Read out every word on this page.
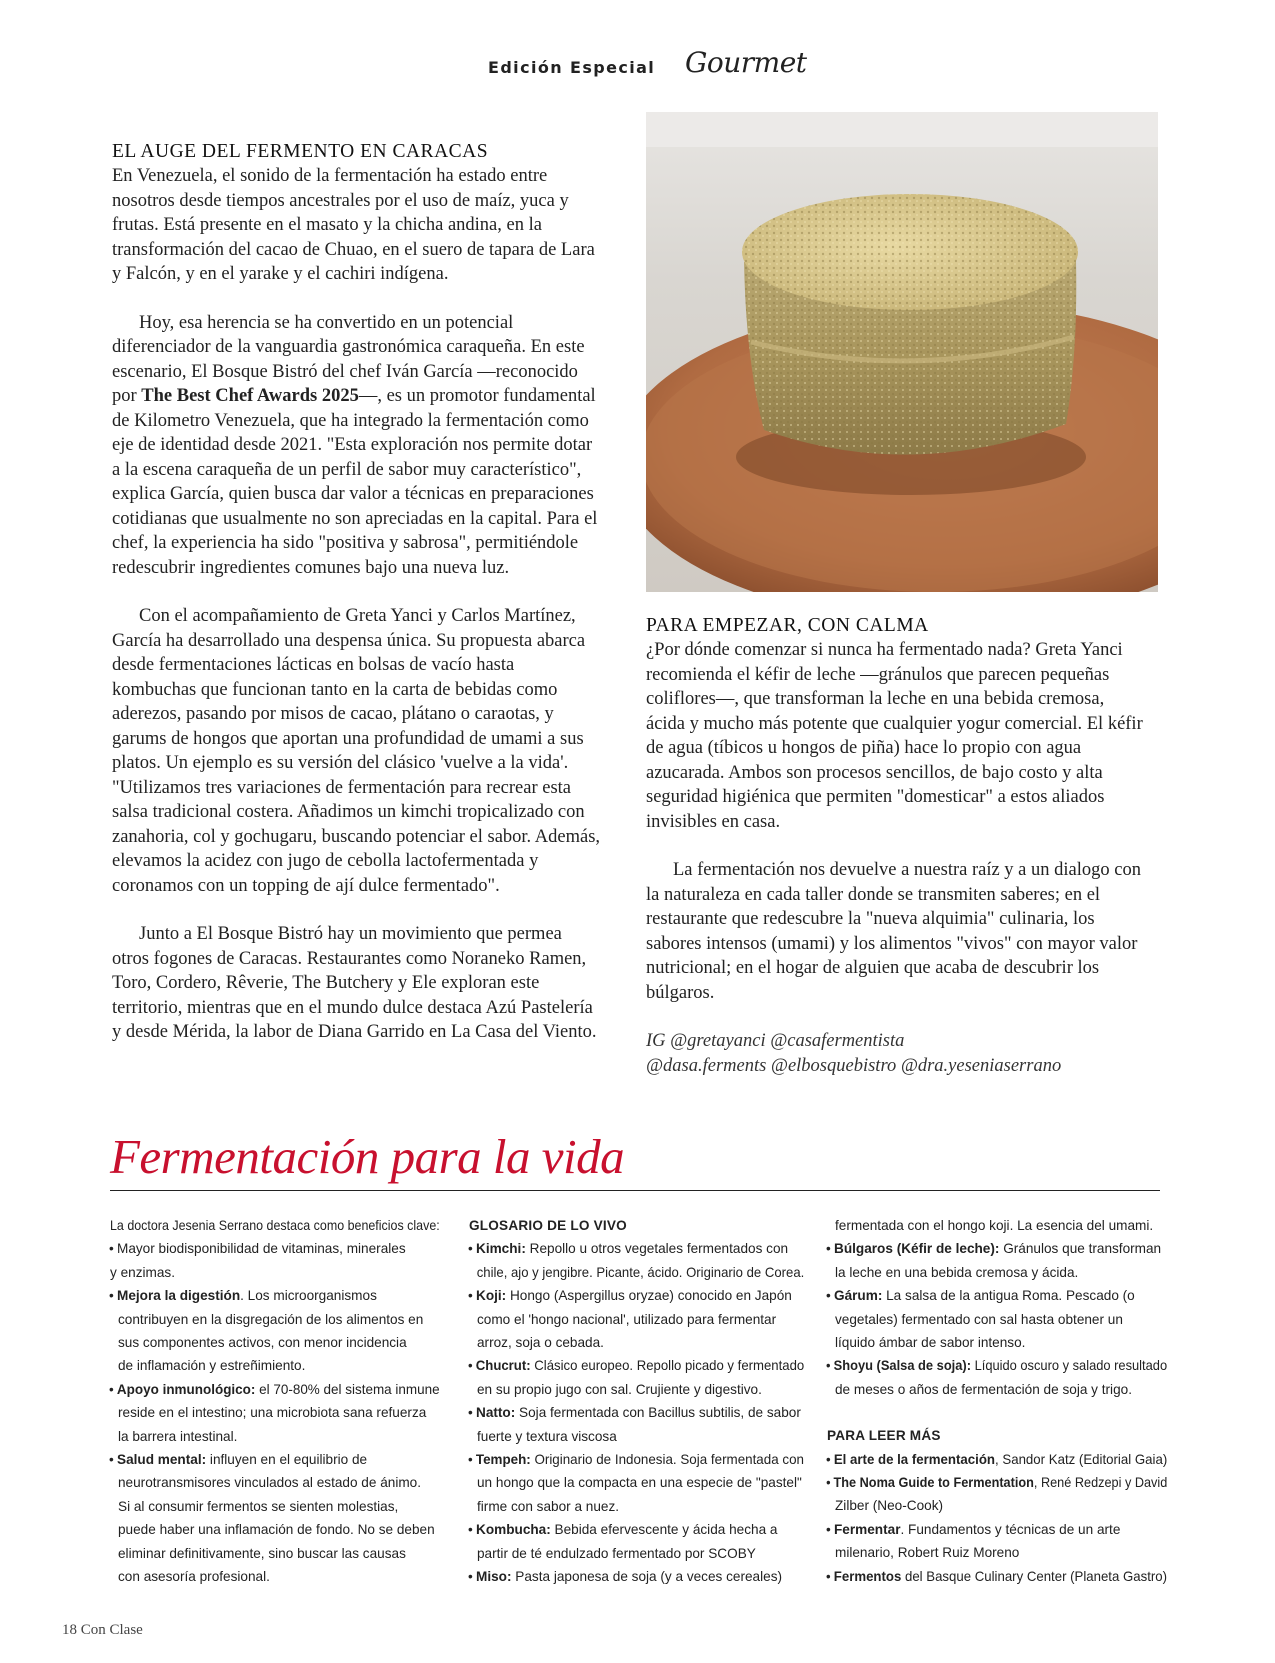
Edición Especial Gourmet
EL AUGE DEL FERMENTO EN CARACAS

En Venezuela, el sonido de la fermentación ha estado entre nosotros desde tiempos ancestrales por el uso de maíz, yuca y frutas. Está presente en el masato y la chicha andina, en la transformación del cacao de Chuao, en el suero de tapara de Lara y Falcón, y en el yarake y el cachiri indígena.

Hoy, esa herencia se ha convertido en un potencial diferenciador de la vanguardia gastronómica caraqueña. En este escenario, El Bosque Bistró del chef Iván García —reconocido por The Best Chef Awards 2025—, es un promotor fundamental de Kilometro Venezuela, que ha integrado la fermentación como eje de identidad desde 2021. "Esta exploración nos permite dotar a la escena caraqueña de un perfil de sabor muy característico", explica García, quien busca dar valor a técnicas en preparaciones cotidianas que usualmente no son apreciadas en la capital. Para el chef, la experiencia ha sido "positiva y sabrosa", permitiéndole redescubrir ingredientes comunes bajo una nueva luz.

Con el acompañamiento de Greta Yanci y Carlos Martínez, García ha desarrollado una despensa única. Su propuesta abarca desde fermentaciones lácticas en bolsas de vacío hasta kombuchas que funcionan tanto en la carta de bebidas como aderezos, pasando por misos de cacao, plátano o caraotas, y garums de hongos que aportan una profundidad de umami a sus platos. Un ejemplo es su versión del clásico 'vuelve a la vida'. "Utilizamos tres variaciones de fermentación para recrear esta salsa tradicional costera. Añadimos un kimchi tropicalizado con zanahoria, col y gochugaru, buscando potenciar el sabor. Además, elevamos la acidez con jugo de cebolla lactofermentada y coronamos con un topping de ají dulce fermentado".

Junto a El Bosque Bistró hay un movimiento que permea otros fogones de Caracas. Restaurantes como Noraneko Ramen, Toro, Cordero, Rêverie, The Butchery y Ele exploran este territorio, mientras que en el mundo dulce destaca Azú Pastelería y desde Mérida, la labor de Diana Garrido en La Casa del Viento.

PARA EMPEZAR, CON CALMA

¿Por dónde comenzar si nunca ha fermentado nada? Greta Yanci recomienda el kéfir de leche —gránulos que parecen pequeñas coliflores—, que transforman la leche en una bebida cremosa, ácida y mucho más potente que cualquier yogur comercial. El kéfir de agua (tíbicos u hongos de piña) hace lo propio con agua azucarada. Ambos son procesos sencillos, de bajo costo y alta seguridad higiénica que permiten "domesticar" a estos aliados invisibles en casa.

La fermentación nos devuelve a nuestra raíz y a un dialogo con la naturaleza en cada taller donde se transmiten saberes; en el restaurante que redescubre la "nueva alquimia" culinaria, los sabores intensos (umami) y los alimentos "vivos" con mayor valor nutricional; en el hogar de alguien que acaba de descubrir los búlgaros.

IG @gretayanci @casafermentista
@dasa.ferments @elbosquebistro @dra.yeseniaserrano
Fermentación para la vida
La doctora Jesenia Serrano destaca como beneficios clave:
• Mayor biodisponibilidad de vitaminas, minerales
y enzimas.
• Mejora la digestión. Los microorganismos
contribuyen en la disgregación de los alimentos en
sus componentes activos, con menor incidencia
de inflamación y estreñimiento.
• Apoyo inmunológico: el 70-80% del sistema inmune
reside en el intestino; una microbiota sana refuerza
la barrera intestinal.
• Salud mental: influyen en el equilibrio de
neurotransmisores vinculados al estado de ánimo.
Si al consumir fermentos se sienten molestias,
puede haber una inflamación de fondo. No se deben
eliminar definitivamente, sino buscar las causas
con asesoría profesional.
GLOSARIO DE LO VIVO
• Kimchi: Repollo u otros vegetales fermentados con
chile, ajo y jengibre. Picante, ácido. Originario de Corea.
• Koji: Hongo (Aspergillus oryzae) conocido en Japón
como el 'hongo nacional', utilizado para fermentar
arroz, soja o cebada.
• Chucrut: Clásico europeo. Repollo picado y fermentado
en su propio jugo con sal. Crujiente y digestivo.
• Natto: Soja fermentada con Bacillus subtilis, de sabor
fuerte y textura viscosa
• Tempeh: Originario de Indonesia. Soja fermentada con
un hongo que la compacta en una especie de "pastel"
firme con sabor a nuez.
• Kombucha: Bebida efervescente y ácida hecha a
partir de té endulzado fermentado por SCOBY
• Miso: Pasta japonesa de soja (y a veces cereales)
fermentada con el hongo koji. La esencia del umami.
• Búlgaros (Kéfir de leche): Gránulos que transforman
la leche en una bebida cremosa y ácida.
• Gárum: La salsa de la antigua Roma. Pescado (o
vegetales) fermentado con sal hasta obtener un
líquido ámbar de sabor intenso.
• Shoyu (Salsa de soja): Líquido oscuro y salado resultado
de meses o años de fermentación de soja y trigo.
PARA LEER MÁS
• El arte de la fermentación, Sandor Katz (Editorial Gaia)
• The Noma Guide to Fermentation, René Redzepi y David
Zilber (Neo-Cook)
• Fermentar. Fundamentos y técnicas de un arte
milenario, Robert Ruiz Moreno
• Fermentos del Basque Culinary Center (Planeta Gastro)
18 Con Clase
